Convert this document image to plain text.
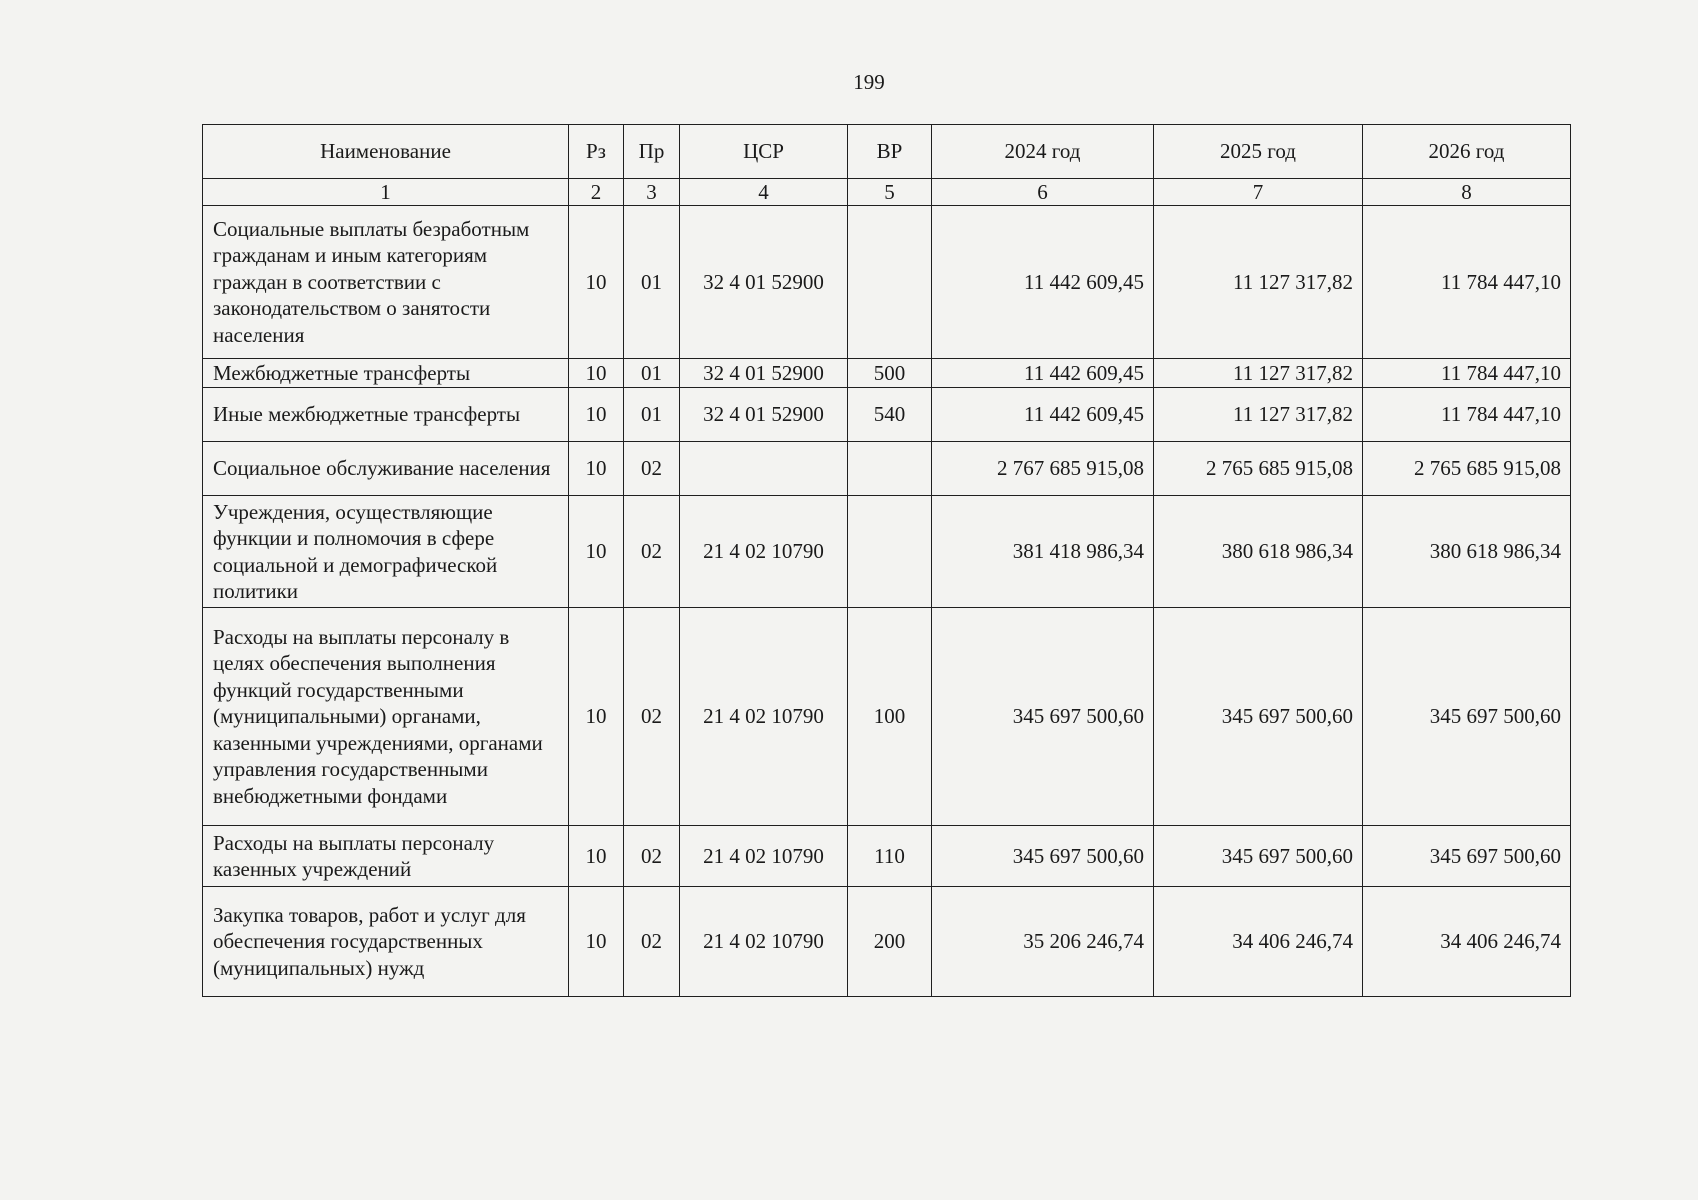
199
Наименование	Рз	Пр	ЦСР	ВР	2024 год	2025 год	2026 год
1	2	3	4	5	6	7	8
Социальные выплаты безработным гражданам и иным категориям граждан в соответствии с законодательством о занятости населения	10	01	32 4 01 52900		11 442 609,45	11 127 317,82	11 784 447,10
Межбюджетные трансферты	10	01	32 4 01 52900	500	11 442 609,45	11 127 317,82	11 784 447,10
Иные межбюджетные трансферты	10	01	32 4 01 52900	540	11 442 609,45	11 127 317,82	11 784 447,10
Социальное обслуживание населения	10	02			2 767 685 915,08	2 765 685 915,08	2 765 685 915,08
Учреждения, осуществляющие функции и полномочия в сфере социальной и демографической политики	10	02	21 4 02 10790		381 418 986,34	380 618 986,34	380 618 986,34
Расходы на выплаты персоналу в целях обеспечения выполнения функций государственными (муниципальными) органами, казенными учреждениями, органами управления государственными внебюджетными фондами	10	02	21 4 02 10790	100	345 697 500,60	345 697 500,60	345 697 500,60
Расходы на выплаты персоналу казенных учреждений	10	02	21 4 02 10790	110	345 697 500,60	345 697 500,60	345 697 500,60
Закупка товаров, работ и услуг для обеспечения государственных (муниципальных) нужд	10	02	21 4 02 10790	200	35 206 246,74	34 406 246,74	34 406 246,74
